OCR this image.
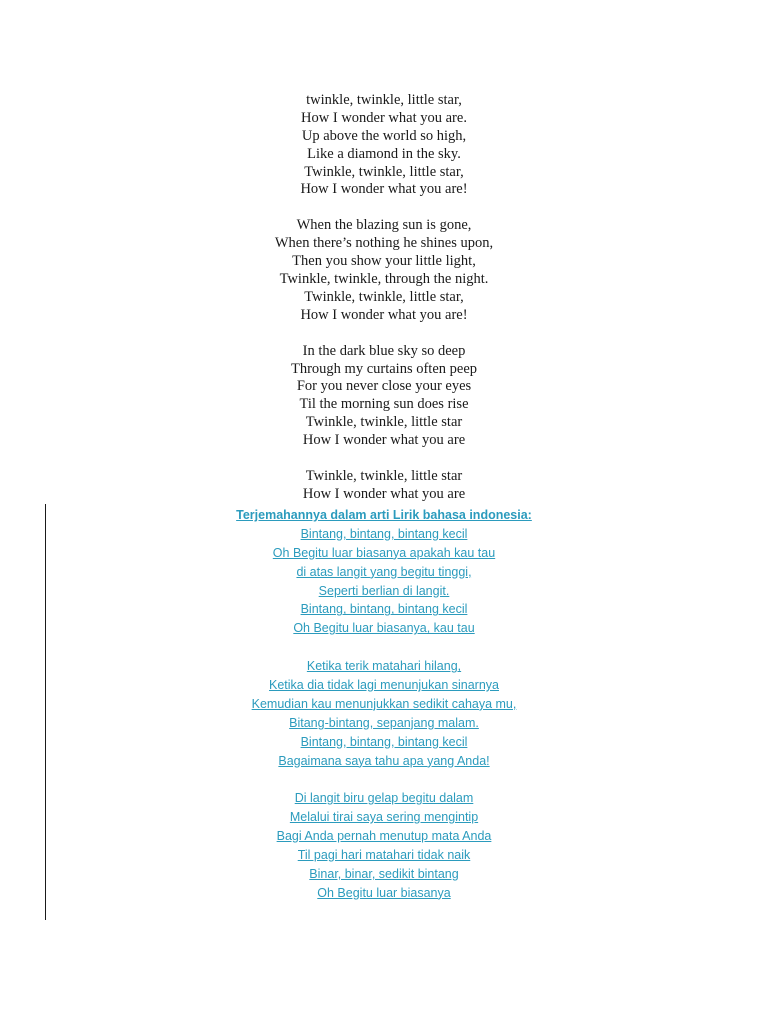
twinkle, twinkle, little star,
How I wonder what you are.
Up above the world so high,
Like a diamond in the sky.
Twinkle, twinkle, little star,
How I wonder what you are!
When the blazing sun is gone,
When there’s nothing he shines upon,
Then you show your little light,
Twinkle, twinkle, through the night.
Twinkle, twinkle, little star,
How I wonder what you are!
In the dark blue sky so deep
Through my curtains often peep
For you never close your eyes
Til the morning sun does rise
Twinkle, twinkle, little star
How I wonder what you are
Twinkle, twinkle, little star
How I wonder what you are
Terjemahannya dalam arti Lirik bahasa indonesia:
Bintang, bintang, bintang kecil
Oh Begitu luar biasanya apakah kau tau
di atas langit yang begitu tinggi,
Seperti berlian di langit.
Bintang, bintang, bintang kecil
Oh Begitu luar biasanya, kau tau
Ketika terik matahari hilang,
Ketika dia tidak lagi menunjukan sinarnya
Kemudian kau menunjukkan sedikit cahaya mu,
Bitang-bintang, sepanjang malam.
Bintang, bintang, bintang kecil
Bagaimana saya tahu apa yang Anda!
Di langit biru gelap begitu dalam
Melalui tirai saya sering mengintip
Bagi Anda pernah menutup mata Anda
Til pagi hari matahari tidak naik
Binar, binar, sedikit bintang
Oh Begitu luar biasanya
